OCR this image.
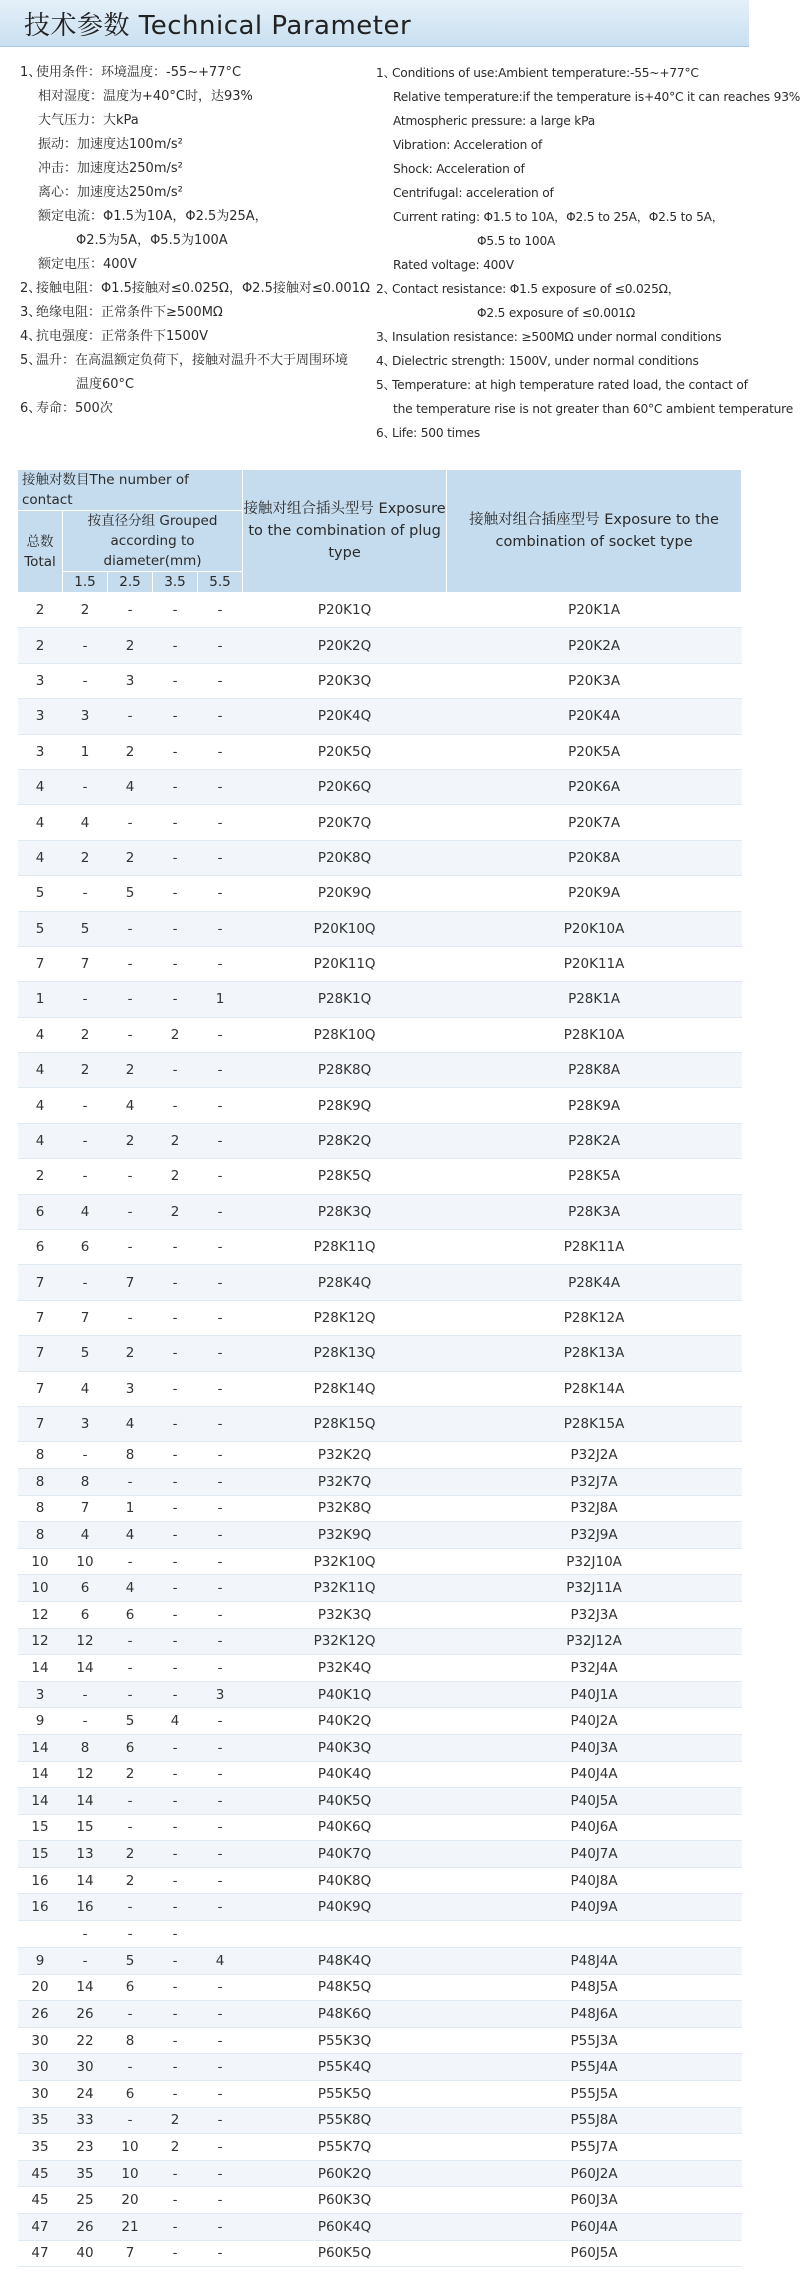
技术参数 Technical Parameter
1、使用条件：环境温度：-55~+77°C
相对湿度：温度为+40°C时，达93%
大气压力：大kPa
振动：加速度达100m/s²
冲击：加速度达250m/s²
离心：加速度达250m/s²
额定电流：Φ1.5为10A，Φ2.5为25A，
Φ2.5为5A，Φ5.5为100A
额定电压：400V
2、接触电阻：Φ1.5接触对≤0.025Ω，Φ2.5接触对≤0.001Ω
3、绝缘电阻：正常条件下≥500MΩ
4、抗电强度：正常条件下1500V
5、温升：在高温额定负荷下，接触对温升不大于周围环境
温度60°C
6、寿命：500次
1、Conditions of use:Ambient temperature:-55~+77°C
Relative temperature:if the temperature is+40°C it can reaches 93%
Atmospheric pressure: a large kPa
Vibration: Acceleration of
Shock: Acceleration of
Centrifugal: acceleration of
Current rating: Φ1.5 to 10A，Φ2.5 to 25A，Φ2.5 to 5A，
Φ5.5 to 100A
Rated voltage: 400V
2、Contact resistance: Φ1.5 exposure of ≤0.025Ω，
Φ2.5 exposure of ≤0.001Ω
3、Insulation resistance: ≥500MΩ under normal conditions
4、Dielectric strength: 1500V, under normal conditions
5、Temperature: at high temperature rated load, the contact of
the temperature rise is not greater than 60°C ambient temperature
6、Life: 500 times
接触对数目The number of contact					接触对组合插头型号 Exposure to the combination of plug type	接触对组合插座型号 Exposure to the combination of socket type
总数 Total	按直径分组 Grouped according to diameter(mm)					
	1.5	2.5	3.5	5.5		
2	2	-	-	-	P20K1Q	P20K1A
2	-	2	-	-	P20K2Q	P20K2A
3	-	3	-	-	P20K3Q	P20K3A
3	3	-	-	-	P20K4Q	P20K4A
3	1	2	-	-	P20K5Q	P20K5A
4	-	4	-	-	P20K6Q	P20K6A
4	4	-	-	-	P20K7Q	P20K7A
4	2	2	-	-	P20K8Q	P20K8A
5	-	5	-	-	P20K9Q	P20K9A
5	5	-	-	-	P20K10Q	P20K10A
7	7	-	-	-	P20K11Q	P20K11A
1	-	-	-	1	P28K1Q	P28K1A
4	2	-	2	-	P28K10Q	P28K10A
4	2	2	-	-	P28K8Q	P28K8A
4	-	4	-	-	P28K9Q	P28K9A
4	-	2	2	-	P28K2Q	P28K2A
2	-	-	2	-	P28K5Q	P28K5A
6	4	-	2	-	P28K3Q	P28K3A
6	6	-	-	-	P28K11Q	P28K11A
7	-	7	-	-	P28K4Q	P28K4A
7	7	-	-	-	P28K12Q	P28K12A
7	5	2	-	-	P28K13Q	P28K13A
7	4	3	-	-	P28K14Q	P28K14A
7	3	4	-	-	P28K15Q	P28K15A
8	-	8	-	-	P32K2Q	P32J2A
8	8	-	-	-	P32K7Q	P32J7A
8	7	1	-	-	P32K8Q	P32J8A
8	4	4	-	-	P32K9Q	P32J9A
10	10	-	-	-	P32K10Q	P32J10A
10	6	4	-	-	P32K11Q	P32J11A
12	6	6	-	-	P32K3Q	P32J3A
12	12	-	-	-	P32K12Q	P32J12A
14	14	-	-	-	P32K4Q	P32J4A
3	-	-	-	3	P40K1Q	P40J1A
9	-	5	4	-	P40K2Q	P40J2A
14	8	6	-	-	P40K3Q	P40J3A
14	12	2	-	-	P40K4Q	P40J4A
14	14	-	-	-	P40K5Q	P40J5A
15	15	-	-	-	P40K6Q	P40J6A
15	13	2	-	-	P40K7Q	P40J7A
16	14	2	-	-	P40K8Q	P40J8A
16	16	-	-	-	P40K9Q	P40J9A
	-	-	-			
9	-	5	-	4	P48K4Q	P48J4A
20	14	6	-	-	P48K5Q	P48J5A
26	26	-	-	-	P48K6Q	P48J6A
30	22	8	-	-	P55K3Q	P55J3A
30	30	-	-	-	P55K4Q	P55J4A
30	24	6	-	-	P55K5Q	P55J5A
35	33	-	2	-	P55K8Q	P55J8A
35	23	10	2	-	P55K7Q	P55J7A
45	35	10	-	-	P60K2Q	P60J2A
45	25	20	-	-	P60K3Q	P60J3A
47	26	21	-	-	P60K4Q	P60J4A
47	40	7	-	-	P60K5Q	P60J5A
